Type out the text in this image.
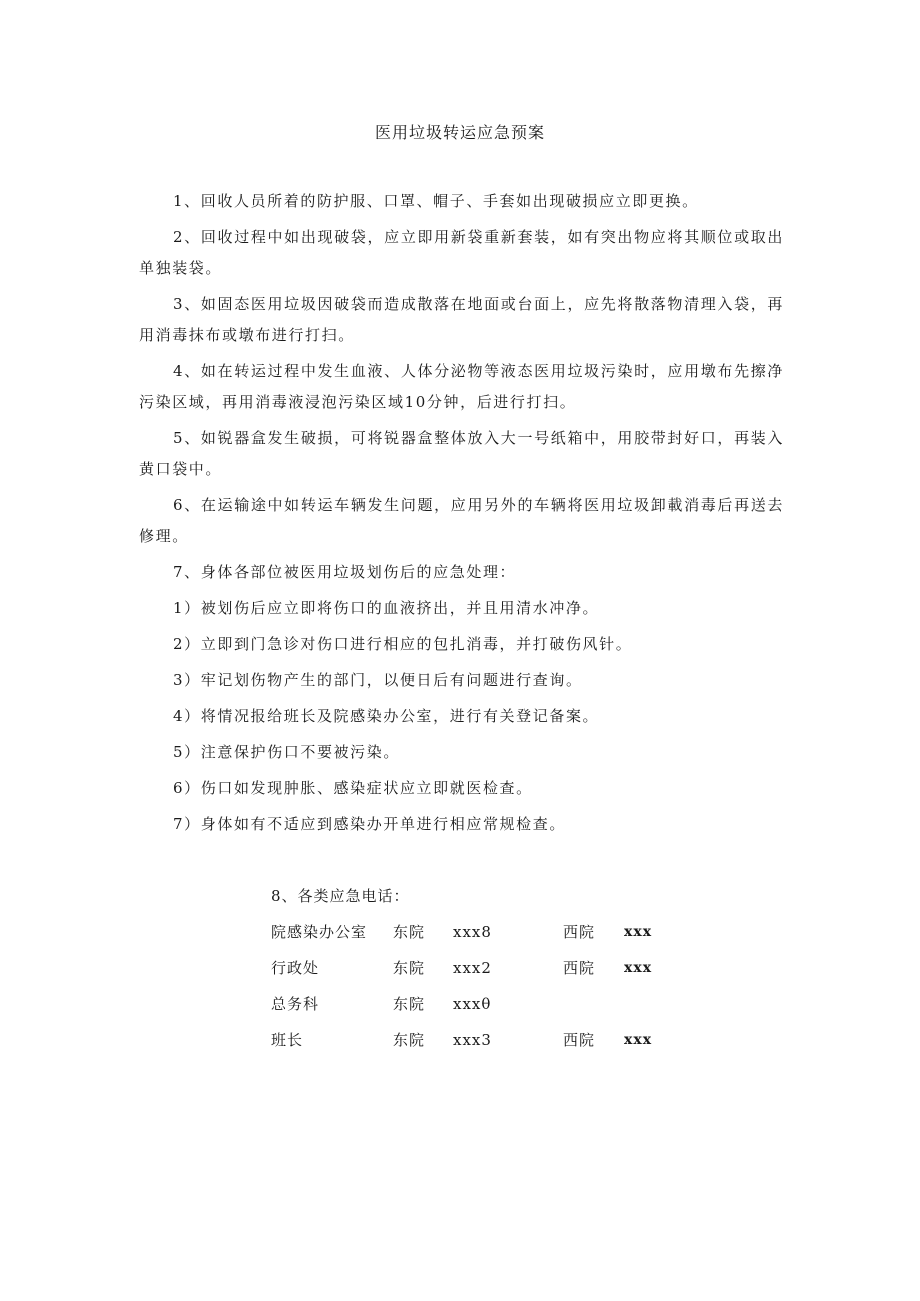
医用垃圾转运应急预案

1、回收人员所着的防护服、口罩、帽子、手套如出现破损应立即更换。

2、回收过程中如出现破袋，应立即用新袋重新套装，如有突出物应将其顺位或取出单独装袋。

3、如固态医用垃圾因破袋而造成散落在地面或台面上，应先将散落物清理入袋，再用消毒抹布或墩布进行打扫。

4、如在转运过程中发生血液、人体分泌物等液态医用垃圾污染时，应用墩布先擦净污染区域，再用消毒液浸泡污染区域10分钟，后进行打扫。

5、如锐器盒发生破损，可将锐器盒整体放入大一号纸箱中，用胶带封好口，再装入黄口袋中。

6、在运输途中如转运车辆发生问题，应用另外的车辆将医用垃圾卸載消毒后再送去修理。

7、身体各部位被医用垃圾划伤后的应急处理：

1）被划伤后应立即将伤口的血液挤出，并且用清水冲净。

2）立即到门急诊对伤口进行相应的包扎消毒，并打破伤风针。

3）牢记划伤物产生的部门，以便日后有问题进行查询。

4）将情况报给班长及院感染办公室，进行有关登记备案。

5）注意保护伤口不要被污染。

6）伤口如发现肿胀、感染症状应立即就医检查。

7）身体如有不适应到感染办开单进行相应常规检查。

8、各类应急电话：
院感染办公室 东院 xxx8	西院 xxx
行政处	东院 xxx2	西院 xxx
总务科	东院 xxxθ
班长	东院 xxx3	西院 xxx
